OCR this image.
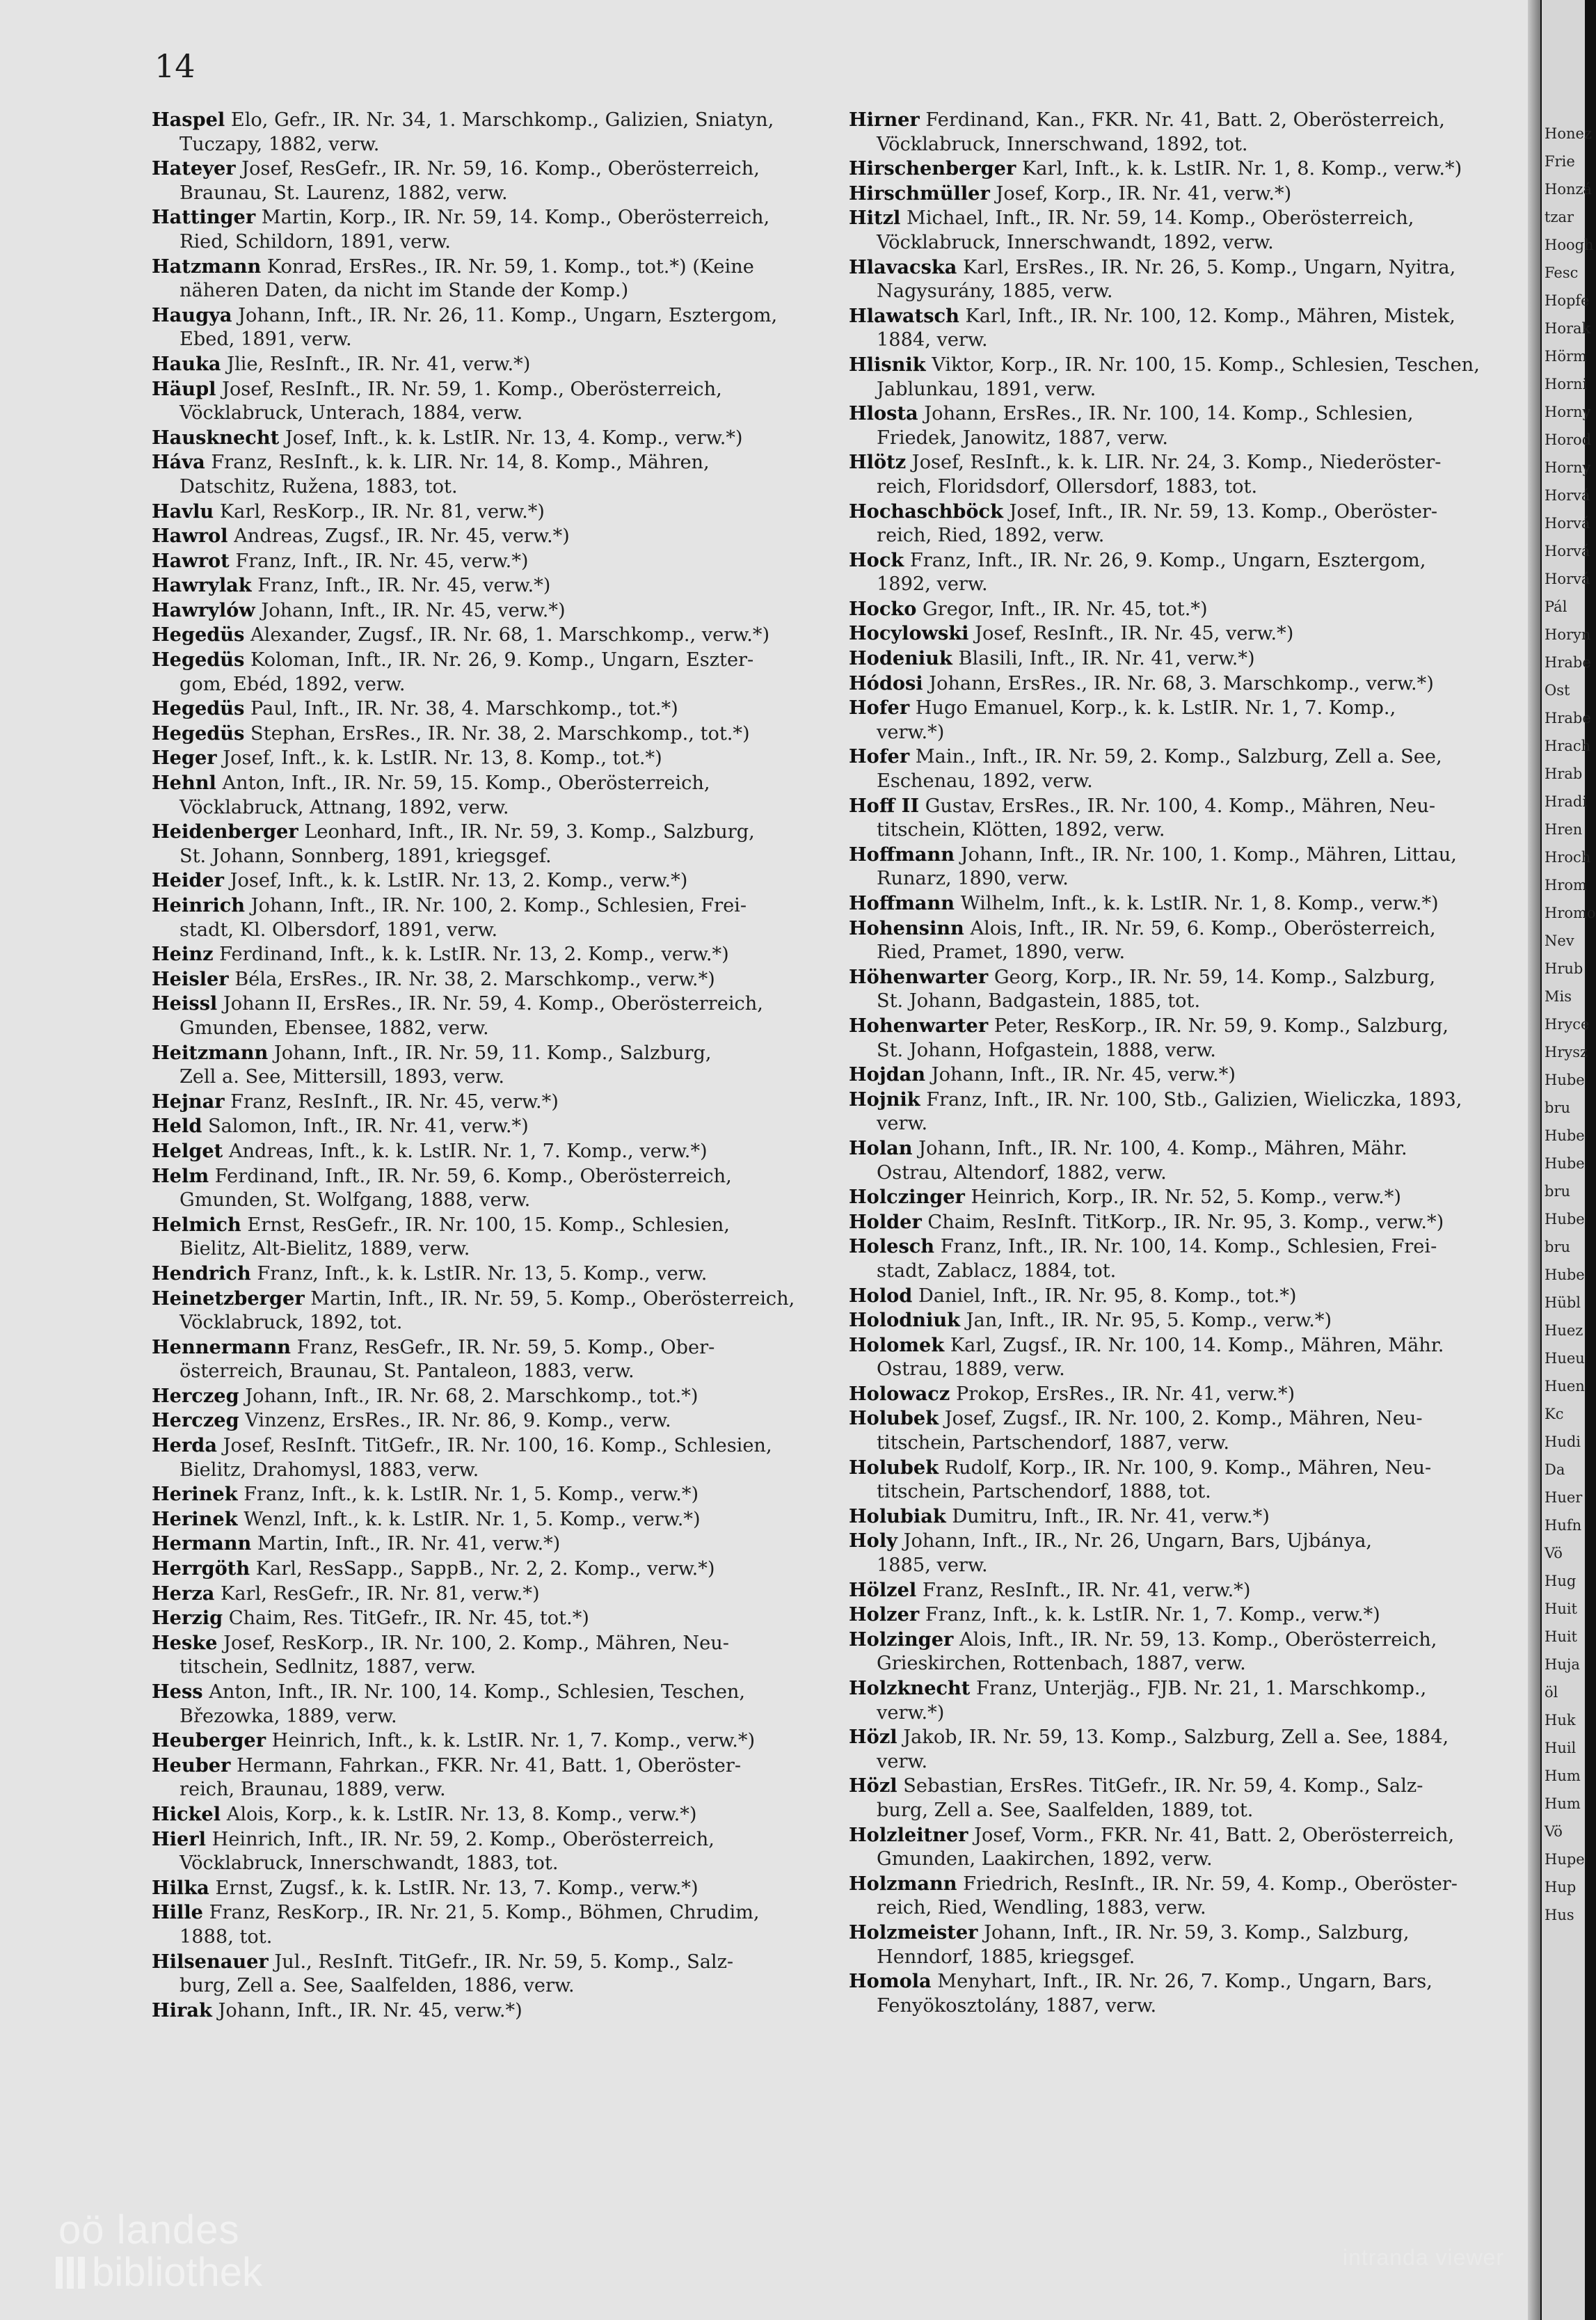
14
Haspel Elo, Gefr., IR. Nr. 34, 1. Marschkomp., Galizien, Sniatyn,
Tuczapy, 1882, verw.
Hateyer Josef, ResGefr., IR. Nr. 59, 16. Komp., Oberösterreich,
Braunau, St. Laurenz, 1882, verw.
Hattinger Martin, Korp., IR. Nr. 59, 14. Komp., Oberösterreich,
Ried, Schildorn, 1891, verw.
Hatzmann Konrad, ErsRes., IR. Nr. 59, 1. Komp., tot.*) (Keine
näheren Daten, da nicht im Stande der Komp.)
Haugya Johann, Inft., IR. Nr. 26, 11. Komp., Ungarn, Esztergom,
Ebed, 1891, verw.
Hauka Jlie, ResInft., IR. Nr. 41, verw.*)
Häupl Josef, ResInft., IR. Nr. 59, 1. Komp., Oberösterreich,
Vöcklabruck, Unterach, 1884, verw.
Hausknecht Josef, Inft., k. k. LstIR. Nr. 13, 4. Komp., verw.*)
Háva Franz, ResInft., k. k. LIR. Nr. 14, 8. Komp., Mähren,
Datschitz, Ružena, 1883, tot.
Havlu Karl, ResKorp., IR. Nr. 81, verw.*)
Hawrol Andreas, Zugsf., IR. Nr. 45, verw.*)
Hawrot Franz, Inft., IR. Nr. 45, verw.*)
Hawrylak Franz, Inft., IR. Nr. 45, verw.*)
Hawrylów Johann, Inft., IR. Nr. 45, verw.*)
Hegedüs Alexander, Zugsf., IR. Nr. 68, 1. Marschkomp., verw.*)
Hegedüs Koloman, Inft., IR. Nr. 26, 9. Komp., Ungarn, Eszter-
gom, Ebéd, 1892, verw.
Hegedüs Paul, Inft., IR. Nr. 38, 4. Marschkomp., tot.*)
Hegedüs Stephan, ErsRes., IR. Nr. 38, 2. Marschkomp., tot.*)
Heger Josef, Inft., k. k. LstIR. Nr. 13, 8. Komp., tot.*)
Hehnl Anton, Inft., IR. Nr. 59, 15. Komp., Oberösterreich,
Vöcklabruck, Attnang, 1892, verw.
Heidenberger Leonhard, Inft., IR. Nr. 59, 3. Komp., Salzburg,
St. Johann, Sonnberg, 1891, kriegsgef.
Heider Josef, Inft., k. k. LstIR. Nr. 13, 2. Komp., verw.*)
Heinrich Johann, Inft., IR. Nr. 100, 2. Komp., Schlesien, Frei-
stadt, Kl. Olbersdorf, 1891, verw.
Heinz Ferdinand, Inft., k. k. LstIR. Nr. 13, 2. Komp., verw.*)
Heisler Béla, ErsRes., IR. Nr. 38, 2. Marschkomp., verw.*)
Heissl Johann II, ErsRes., IR. Nr. 59, 4. Komp., Oberösterreich,
Gmunden, Ebensee, 1882, verw.
Heitzmann Johann, Inft., IR. Nr. 59, 11. Komp., Salzburg,
Zell a. See, Mittersill, 1893, verw.
Hejnar Franz, ResInft., IR. Nr. 45, verw.*)
Held Salomon, Inft., IR. Nr. 41, verw.*)
Helget Andreas, Inft., k. k. LstIR. Nr. 1, 7. Komp., verw.*)
Helm Ferdinand, Inft., IR. Nr. 59, 6. Komp., Oberösterreich,
Gmunden, St. Wolfgang, 1888, verw.
Helmich Ernst, ResGefr., IR. Nr. 100, 15. Komp., Schlesien,
Bielitz, Alt-Bielitz, 1889, verw.
Hendrich Franz, Inft., k. k. LstIR. Nr. 13, 5. Komp., verw.
Heinetzberger Martin, Inft., IR. Nr. 59, 5. Komp., Oberösterreich,
Vöcklabruck, 1892, tot.
Hennermann Franz, ResGefr., IR. Nr. 59, 5. Komp., Ober-
österreich, Braunau, St. Pantaleon, 1883, verw.
Herczeg Johann, Inft., IR. Nr. 68, 2. Marschkomp., tot.*)
Herczeg Vinzenz, ErsRes., IR. Nr. 86, 9. Komp., verw.
Herda Josef, ResInft. TitGefr., IR. Nr. 100, 16. Komp., Schlesien,
Bielitz, Drahomysl, 1883, verw.
Herinek Franz, Inft., k. k. LstIR. Nr. 1, 5. Komp., verw.*)
Herinek Wenzl, Inft., k. k. LstIR. Nr. 1, 5. Komp., verw.*)
Hermann Martin, Inft., IR. Nr. 41, verw.*)
Herrgöth Karl, ResSapp., SappB., Nr. 2, 2. Komp., verw.*)
Herza Karl, ResGefr., IR. Nr. 81, verw.*)
Herzig Chaim, Res. TitGefr., IR. Nr. 45, tot.*)
Heske Josef, ResKorp., IR. Nr. 100, 2. Komp., Mähren, Neu-
titschein, Sedlnitz, 1887, verw.
Hess Anton, Inft., IR. Nr. 100, 14. Komp., Schlesien, Teschen,
Březowka, 1889, verw.
Heuberger Heinrich, Inft., k. k. LstIR. Nr. 1, 7. Komp., verw.*)
Heuber Hermann, Fahrkan., FKR. Nr. 41, Batt. 1, Oberöster-
reich, Braunau, 1889, verw.
Hickel Alois, Korp., k. k. LstIR. Nr. 13, 8. Komp., verw.*)
Hierl Heinrich, Inft., IR. Nr. 59, 2. Komp., Oberösterreich,
Vöcklabruck, Innerschwandt, 1883, tot.
Hilka Ernst, Zugsf., k. k. LstIR. Nr. 13, 7. Komp., verw.*)
Hille Franz, ResKorp., IR. Nr. 21, 5. Komp., Böhmen, Chrudim,
1888, tot.
Hilsenauer Jul., ResInft. TitGefr., IR. Nr. 59, 5. Komp., Salz-
burg, Zell a. See, Saalfelden, 1886, verw.
Hirak Johann, Inft., IR. Nr. 45, verw.*)
Hirner Ferdinand, Kan., FKR. Nr. 41, Batt. 2, Oberösterreich,
Vöcklabruck, Innerschwand, 1892, tot.
Hirschenberger Karl, Inft., k. k. LstIR. Nr. 1, 8. Komp., verw.*)
Hirschmüller Josef, Korp., IR. Nr. 41, verw.*)
Hitzl Michael, Inft., IR. Nr. 59, 14. Komp., Oberösterreich,
Vöcklabruck, Innerschwandt, 1892, verw.
Hlavacska Karl, ErsRes., IR. Nr. 26, 5. Komp., Ungarn, Nyitra,
Nagysurány, 1885, verw.
Hlawatsch Karl, Inft., IR. Nr. 100, 12. Komp., Mähren, Mistek,
1884, verw.
Hlisnik Viktor, Korp., IR. Nr. 100, 15. Komp., Schlesien, Teschen,
Jablunkau, 1891, verw.
Hlosta Johann, ErsRes., IR. Nr. 100, 14. Komp., Schlesien,
Friedek, Janowitz, 1887, verw.
Hlötz Josef, ResInft., k. k. LIR. Nr. 24, 3. Komp., Niederöster-
reich, Floridsdorf, Ollersdorf, 1883, tot.
Hochaschböck Josef, Inft., IR. Nr. 59, 13. Komp., Oberöster-
reich, Ried, 1892, verw.
Hock Franz, Inft., IR. Nr. 26, 9. Komp., Ungarn, Esztergom,
1892, verw.
Hocko Gregor, Inft., IR. Nr. 45, tot.*)
Hocylowski Josef, ResInft., IR. Nr. 45, verw.*)
Hodeniuk Blasili, Inft., IR. Nr. 41, verw.*)
Hódosi Johann, ErsRes., IR. Nr. 68, 3. Marschkomp., verw.*)
Hofer Hugo Emanuel, Korp., k. k. LstIR. Nr. 1, 7. Komp.,
verw.*)
Hofer Main., Inft., IR. Nr. 59, 2. Komp., Salzburg, Zell a. See,
Eschenau, 1892, verw.
Hoff II Gustav, ErsRes., IR. Nr. 100, 4. Komp., Mähren, Neu-
titschein, Klötten, 1892, verw.
Hoffmann Johann, Inft., IR. Nr. 100, 1. Komp., Mähren, Littau,
Runarz, 1890, verw.
Hoffmann Wilhelm, Inft., k. k. LstIR. Nr. 1, 8. Komp., verw.*)
Hohensinn Alois, Inft., IR. Nr. 59, 6. Komp., Oberösterreich,
Ried, Pramet, 1890, verw.
Höhenwarter Georg, Korp., IR. Nr. 59, 14. Komp., Salzburg,
St. Johann, Badgastein, 1885, tot.
Hohenwarter Peter, ResKorp., IR. Nr. 59, 9. Komp., Salzburg,
St. Johann, Hofgastein, 1888, verw.
Hojdan Johann, Inft., IR. Nr. 45, verw.*)
Hojnik Franz, Inft., IR. Nr. 100, Stb., Galizien, Wieliczka, 1893,
verw.
Holan Johann, Inft., IR. Nr. 100, 4. Komp., Mähren, Mähr.
Ostrau, Altendorf, 1882, verw.
Holczinger Heinrich, Korp., IR. Nr. 52, 5. Komp., verw.*)
Holder Chaim, ResInft. TitKorp., IR. Nr. 95, 3. Komp., verw.*)
Holesch Franz, Inft., IR. Nr. 100, 14. Komp., Schlesien, Frei-
stadt, Zablacz, 1884, tot.
Holod Daniel, Inft., IR. Nr. 95, 8. Komp., tot.*)
Holodniuk Jan, Inft., IR. Nr. 95, 5. Komp., verw.*)
Holomek Karl, Zugsf., IR. Nr. 100, 14. Komp., Mähren, Mähr.
Ostrau, 1889, verw.
Holowacz Prokop, ErsRes., IR. Nr. 41, verw.*)
Holubek Josef, Zugsf., IR. Nr. 100, 2. Komp., Mähren, Neu-
titschein, Partschendorf, 1887, verw.
Holubek Rudolf, Korp., IR. Nr. 100, 9. Komp., Mähren, Neu-
titschein, Partschendorf, 1888, tot.
Holubiak Dumitru, Inft., IR. Nr. 41, verw.*)
Holy Johann, Inft., IR., Nr. 26, Ungarn, Bars, Ujbánya,
1885, verw.
Hölzel Franz, ResInft., IR. Nr. 41, verw.*)
Holzer Franz, Inft., k. k. LstIR. Nr. 1, 7. Komp., verw.*)
Holzinger Alois, Inft., IR. Nr. 59, 13. Komp., Oberösterreich,
Grieskirchen, Rottenbach, 1887, verw.
Holzknecht Franz, Unterjäg., FJB. Nr. 21, 1. Marschkomp.,
verw.*)
Hözl Jakob, IR. Nr. 59, 13. Komp., Salzburg, Zell a. See, 1884,
verw.
Hözl Sebastian, ErsRes. TitGefr., IR. Nr. 59, 4. Komp., Salz-
burg, Zell a. See, Saalfelden, 1889, tot.
Holzleitner Josef, Vorm., FKR. Nr. 41, Batt. 2, Oberösterreich,
Gmunden, Laakirchen, 1892, verw.
Holzmann Friedrich, ResInft., IR. Nr. 59, 4. Komp., Oberöster-
reich, Ried, Wendling, 1883, verw.
Holzmeister Johann, Inft., IR. Nr. 59, 3. Komp., Salzburg,
Henndorf, 1885, kriegsgef.
Homola Menyhart, Inft., IR. Nr. 26, 7. Komp., Ungarn, Bars,
Fenyökosztolány, 1887, verw.
Honez
Frie
Honzá
tzar
Hoogh
Fesc
Hopfe
Horak
Hörm
Horni
Horny
Horod
Horny
Horvá
Horvá
Horvá
Horvá
Pál
Horyn
Hrabe
Ost
Hrabe
Hrach
Hrab
Hradi
Hren
Hroch
Hrom
Hromo
Nev
Hrub
Mis
Hryce
Hrysz
Hube
bru
Hube
Hube
bru
Hube
bru
Hube
Hübl
Huez
Hueu
Huen
Kc
Hudi
Da
Huer
Hufn
Vö
Hug
Huit
Huit
Huja
öl
Huk
Huil
Hum
Hum
Vö
Hupe
Hup
Hus
oö landes
bibliothek	intranda viewer
